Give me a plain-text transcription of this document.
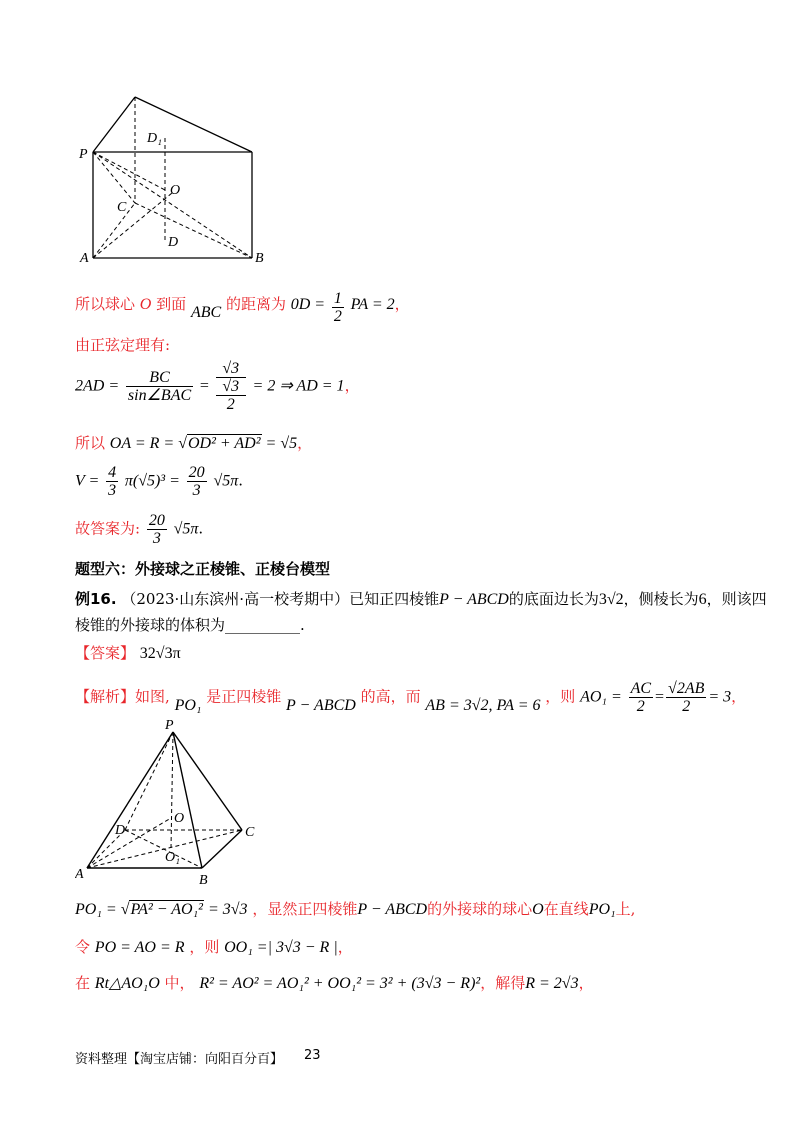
D₁
P
O
C
D
A	B
所以球心 O 到面 ABC 的距离为 $0D = \frac{1}{2}$ PA = 2，
由正弦定理有:
$2AD = \frac{BC}{\text{sin∠BAC}}$ =
√3
√3
2
= 2 ⇒ AD = 1，
所以 OA = R = √OD² + AD² = √5，
$V = \frac{4}{3} \pi(√5)^3 = \frac{20}{3} √5\pi$.
故答案为: $\frac{20}{3} √5\pi$.
题型六：外接球之正棱锥、正棱台模型
例16. （2023·山东滨州·高一校考期中）已知正四棱锥P − ABCD的底面边长为3√2，侧棱长为6，则该四
棱锥的外接球的体积为__________.
【答案】 32√3π
【解析】如图, PO₁ 是正四棱锥 P − ABCD 的高，而 AB = 3√2, PA = 6 ，则 $AO_1 = \frac{AC}{2} = \frac{√2AB}{2} = 3$，
P
O
D	C
A
O₁
B
PO₁ = √PA² − AO₁² = 3√3 ，显然正四棱锥P − ABCD的外接球的球心O在直线PO₁上,
令 PO = AO = R ，则 OO₁ =| 3√3 − R |，
在 Rt△AO₁O 中， R² = AO² = AO₁² + OO₁² = 3² + (3√3 − R)²，解得R = 2√3，
资料整理【淘宝店铺：向阳百分百】 23
